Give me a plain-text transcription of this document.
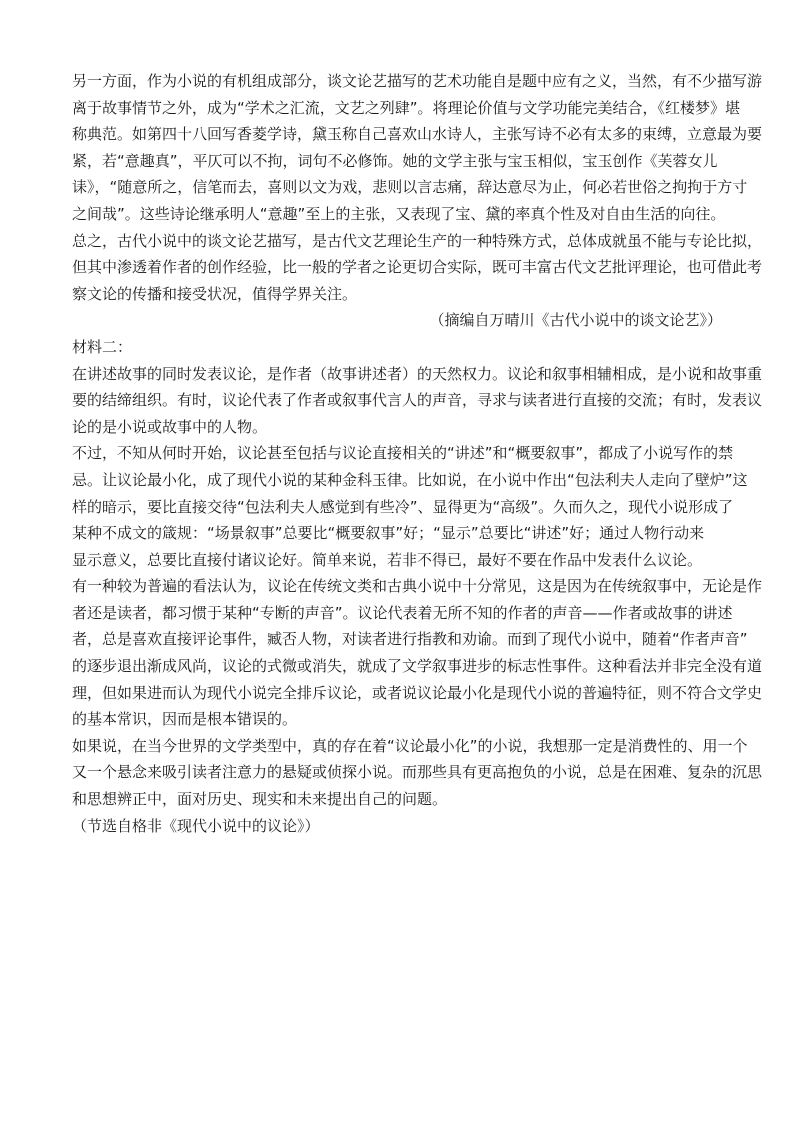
另一方面，作为小说的有机组成部分，谈文论艺描写的艺术功能自是题中应有之义，当然，有不少描写游
离于故事情节之外，成为“学术之汇流，文艺之列肆”。将理论价值与文学功能完美结合，《红楼梦》堪
称典范。如第四十八回写香菱学诗，黛玉称自己喜欢山水诗人，主张写诗不必有太多的束缚，立意最为要
紧，若“意趣真”，平仄可以不拘，词句不必修饰。她的文学主张与宝玉相似，宝玉创作《芙蓉女儿
诔》，“随意所之，信笔而去，喜则以文为戏，悲则以言志痛，辞达意尽为止，何必若世俗之拘拘于方寸
之间哉”。这些诗论继承明人“意趣”至上的主张，又表现了宝、黛的率真个性及对自由生活的向往。
总之，古代小说中的谈文论艺描写，是古代文艺理论生产的一种特殊方式，总体成就虽不能与专论比拟，
但其中渗透着作者的创作经验，比一般的学者之论更切合实际，既可丰富古代文艺批评理论，也可借此考
察文论的传播和接受状况，值得学界关注。
（摘编自万晴川《古代小说中的谈文论艺》）
材料二：
在讲述故事的同时发表议论，是作者（故事讲述者）的天然权力。议论和叙事相辅相成，是小说和故事重
要的结缔组织。有时，议论代表了作者或叙事代言人的声音，寻求与读者进行直接的交流；有时，发表议
论的是小说或故事中的人物。
不过，不知从何时开始，议论甚至包括与议论直接相关的“讲述”和“概要叙事”，都成了小说写作的禁
忌。让议论最小化，成了现代小说的某种金科玉律。比如说，在小说中作出“包法利夫人走向了壁炉”这
样的暗示，要比直接交待“包法利夫人感觉到有些冷”、显得更为“高级”。久而久之，现代小说形成了
某种不成文的箴规：“场景叙事”总要比“概要叙事”好；“显示”总要比“讲述”好；通过人物行动来
显示意义，总要比直接付诸议论好。简单来说，若非不得已，最好不要在作品中发表什么议论。
有一种较为普遍的看法认为，议论在传统文类和古典小说中十分常见，这是因为在传统叙事中，无论是作
者还是读者，都习惯于某种“专断的声音”。议论代表着无所不知的作者的声音——作者或故事的讲述
者，总是喜欢直接评论事件，臧否人物，对读者进行指教和劝谕。而到了现代小说中，随着“作者声音”
的逐步退出渐成风尚，议论的式微或消失，就成了文学叙事进步的标志性事件。这种看法并非完全没有道
理，但如果进而认为现代小说完全排斥议论，或者说议论最小化是现代小说的普遍特征，则不符合文学史
的基本常识，因而是根本错误的。
如果说，在当今世界的文学类型中，真的存在着“议论最小化”的小说，我想那一定是消费性的、用一个
又一个悬念来吸引读者注意力的悬疑或侦探小说。而那些具有更高抱负的小说，总是在困难、复杂的沉思
和思想辨正中，面对历史、现实和未来提出自己的问题。
（节选自格非《现代小说中的议论》）
